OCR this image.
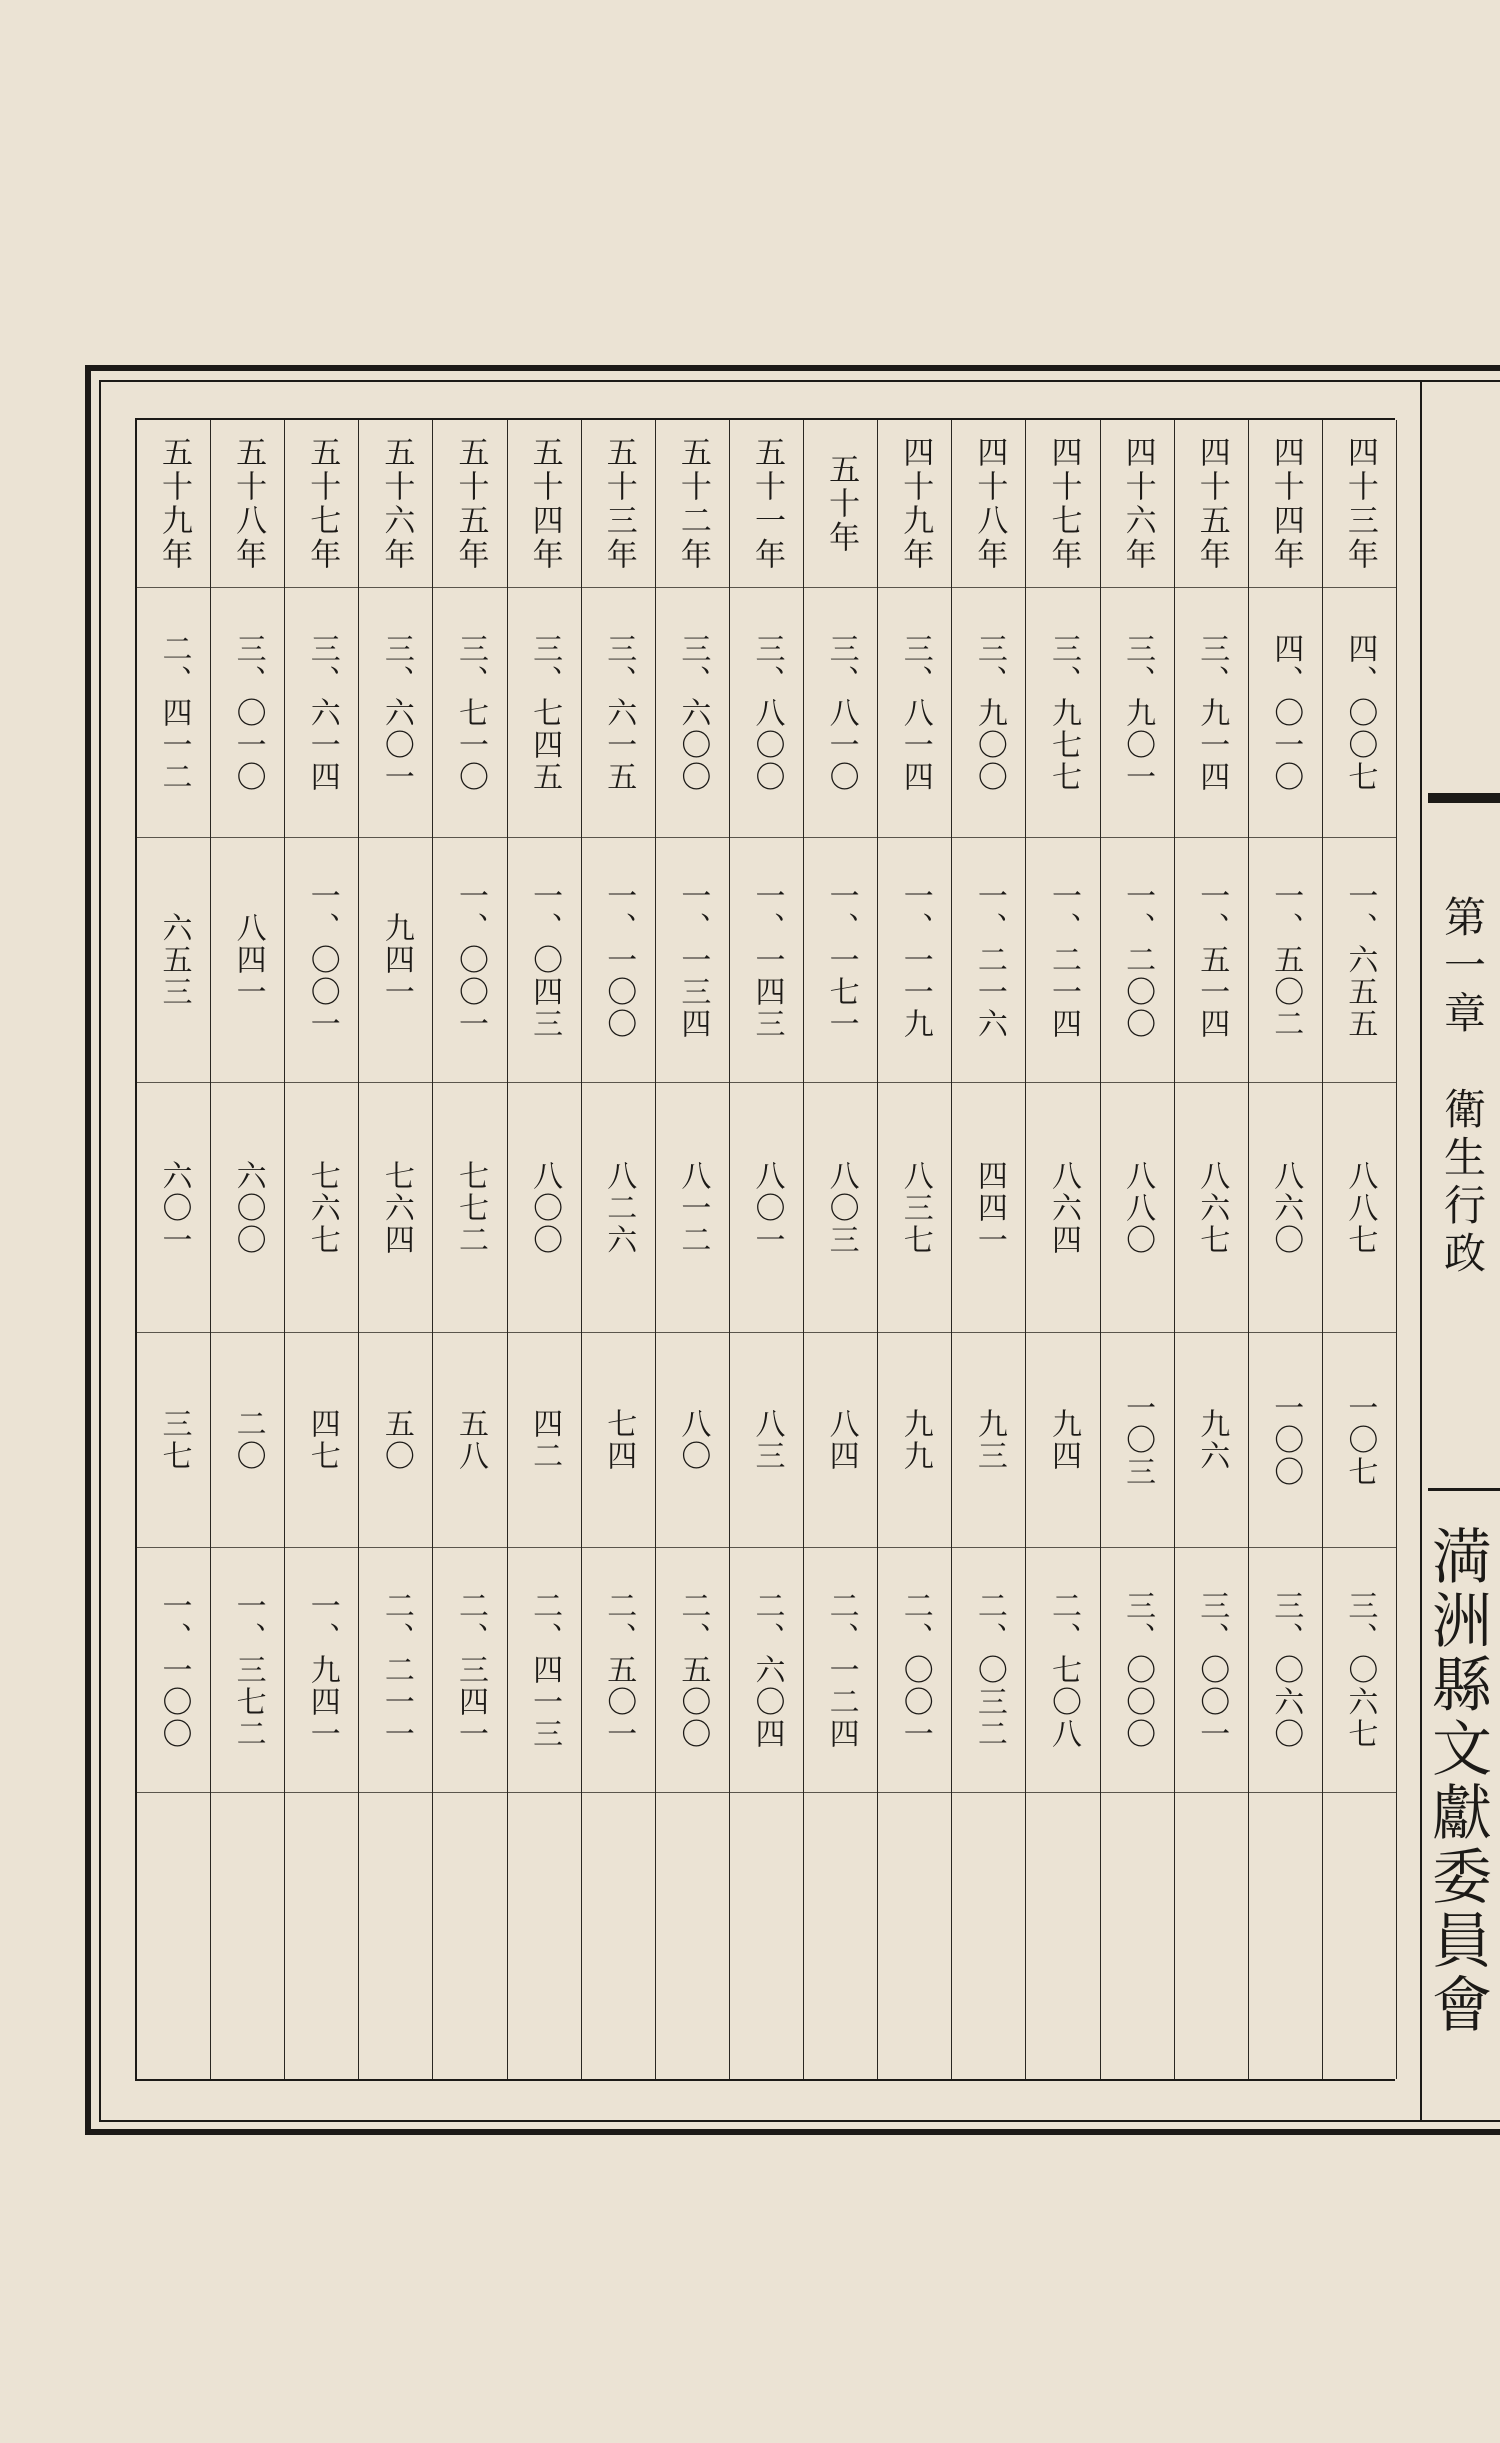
四十三年
四、〇〇七
一、六五五
八八七
一〇七
三、〇六七
四十四年
四、〇一〇
一、五〇二
八六〇
一〇〇
三、〇六〇
四十五年
三、九一四
一、五一四
八六七
九六
三、〇〇一
四十六年
三、九〇一
一、二〇〇
八八〇
一〇三
三、〇〇〇
四十七年
三、九七七
一、二一四
八六四
九四
二、七〇八
四十八年
三、九〇〇
一、二一六
四四一
九三
二、〇三二
四十九年
三、八一四
一、一一九
八三七
九九
二、〇〇一
五十年
三、八一〇
一、一七一
八〇三
八四
二、一二四
五十一年
三、八〇〇
一、一四三
八〇一
八三
二、六〇四
五十二年
三、六〇〇
一、一三四
八一二
八〇
二、五〇〇
五十三年
三、六一五
一、一〇〇
八二六
七四
二、五〇一
五十四年
三、七四五
一、〇四三
八〇〇
四二
二、四一三
五十五年
三、七一〇
一、〇〇一
七七二
五八
二、三四一
五十六年
三、六〇一
九四一
七六四
五〇
二、二一一
五十七年
三、六一四
一、〇〇一
七六七
四七
一、九四一
五十八年
三、〇一〇
八四一
六〇〇
二〇
一、三七二
五十九年
二、四一二
六五三
六〇一
三七
一、一〇〇
第一章　衛生行政
満洲縣文獻委員會
